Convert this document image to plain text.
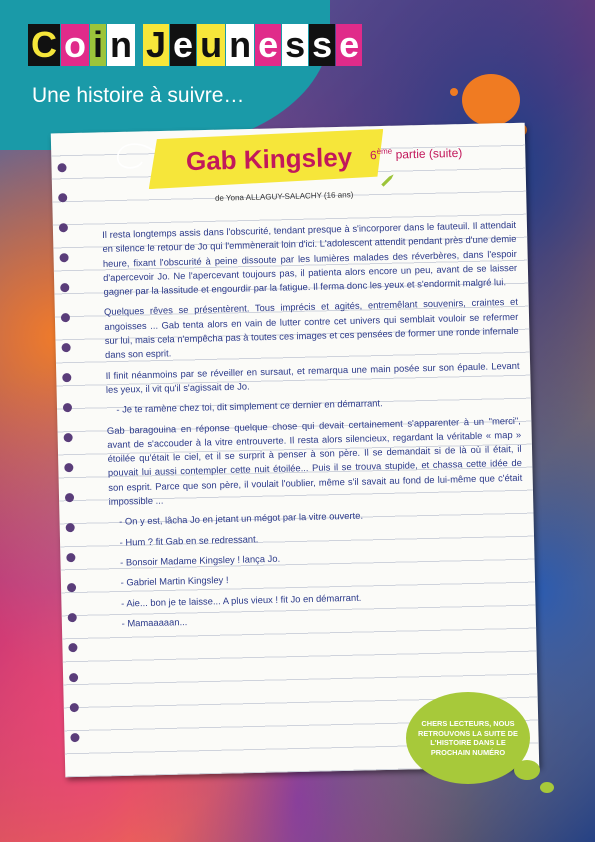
C o i n J e u n e s s e
Une histoire à suivre…
Gab Kingsley 6ème partie (suite)
de Yona ALLAGUY-SALACHY (16 ans)

Il resta longtemps assis dans l'obscurité, tendant presque à s'incorporer dans le fauteuil. Il attendait en silence le retour de Jo qui l'emmènerait loin d'ici. L'adolescent attendit pendant près d'une demie heure, fixant l'obscurité à peine dissoute par les lumières malades des réverbères, dans l'espoir d'apercevoir Jo. Ne l'apercevant toujours pas, il patienta alors encore un peu, avant de se laisser gagner par la lassitude et engourdir par la fatigue. Il ferma donc les yeux et s'endormit malgré lui.

Quelques rêves se présentèrent. Tous imprécis et agités, entremêlant souvenirs, craintes et angoisses ... Gab tenta alors en vain de lutter contre cet univers qui semblait vouloir se refermer sur lui, mais cela n'empêcha pas à toutes ces images et ces pensées de former une ronde infernale dans son esprit.

Il finit néanmoins par se réveiller en sursaut, et remarqua une main posée sur son épaule. Levant les yeux, il vit qu'il s'agissait de Jo.

- Je te ramène chez toi, dit simplement ce dernier en démarrant.

Gab baragouina en réponse quelque chose qui devait certainement s'apparenter à un "merci", avant de s'accouder à la vitre entrouverte. Il resta alors silencieux, regardant la véritable « map » étoilée qu'était le ciel, et il se surprit à penser à son père. Il se demandait si de là où il était, il pouvait lui aussi contempler cette nuit étoilée... Puis il se trouva stupide, et chassa cette idée de son esprit. Parce que son père, il voulait l'oublier, même s'il savait au fond de lui-même que c'était impossible ...

- On y est, lâcha Jo en jetant un mégot par la vitre ouverte.

- Hum ? fit Gab en se redressant.

- Bonsoir Madame Kingsley ! lança Jo.

- Gabriel Martin Kingsley !

- Aie... bon je te laisse... A plus vieux ! fit Jo en démarrant.

- Mamaaaaan...

CHERS LECTEURS, NOUS RETROUVONS LA SUITE DE L'HISTOIRE DANS LE PROCHAIN NUMÉRO
